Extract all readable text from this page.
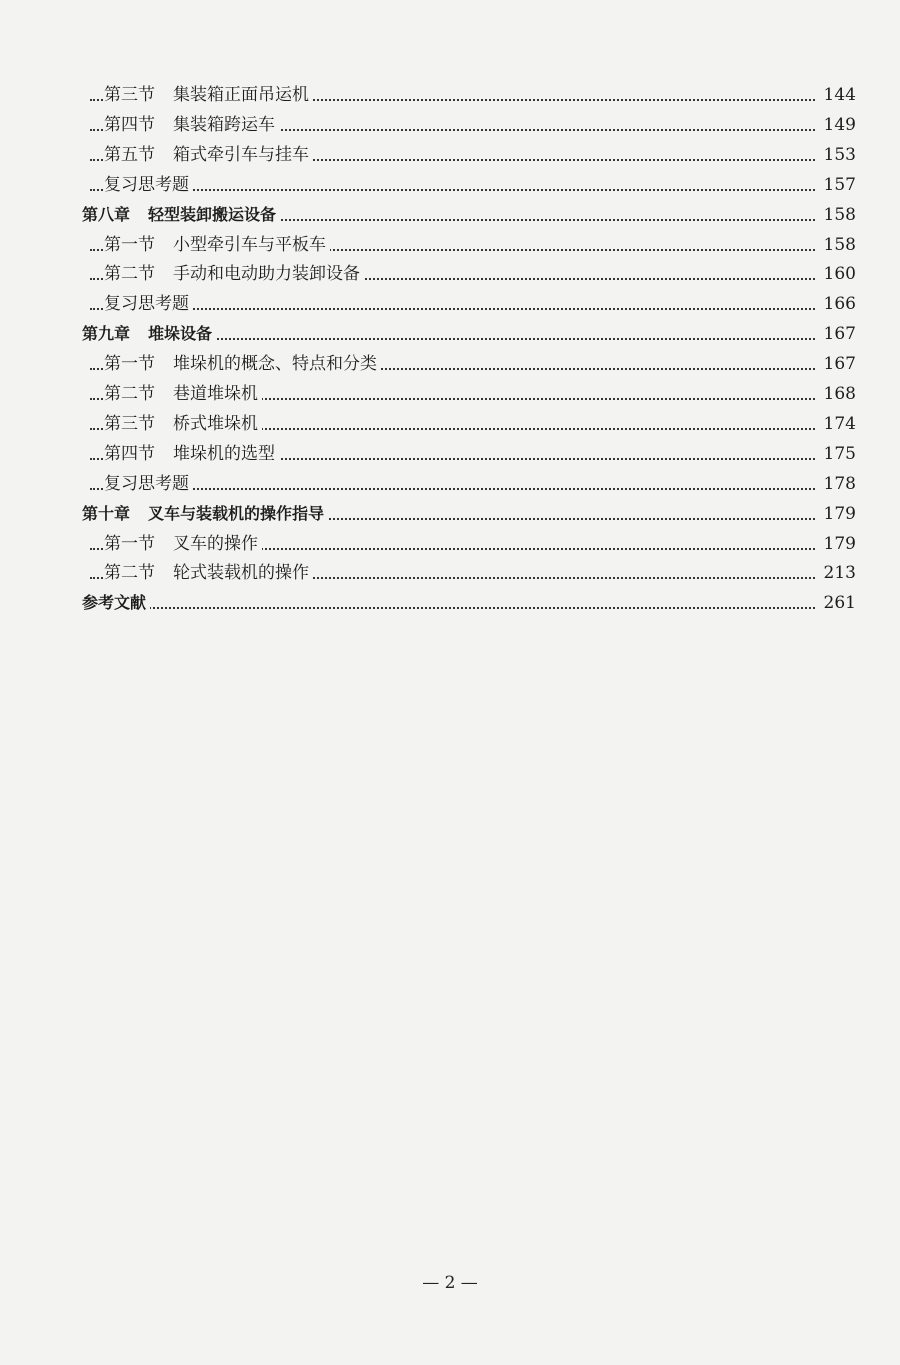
第三节 集装箱正面吊运机	144
第四节 集装箱跨运车	149
第五节 箱式牵引车与挂车	153
复习思考题	157
第八章 轻型装卸搬运设备	158
第一节 小型牵引车与平板车	158
第二节 手动和电动助力装卸设备	160
复习思考题	166
第九章 堆垛设备	167
第一节 堆垛机的概念、特点和分类	167
第二节 巷道堆垛机	168
第三节 桥式堆垛机	174
第四节 堆垛机的选型	175
复习思考题	178
第十章 叉车与装载机的操作指导	179
第一节 叉车的操作	179
第二节 轮式装载机的操作	213
参考文献	261
— 2 —
